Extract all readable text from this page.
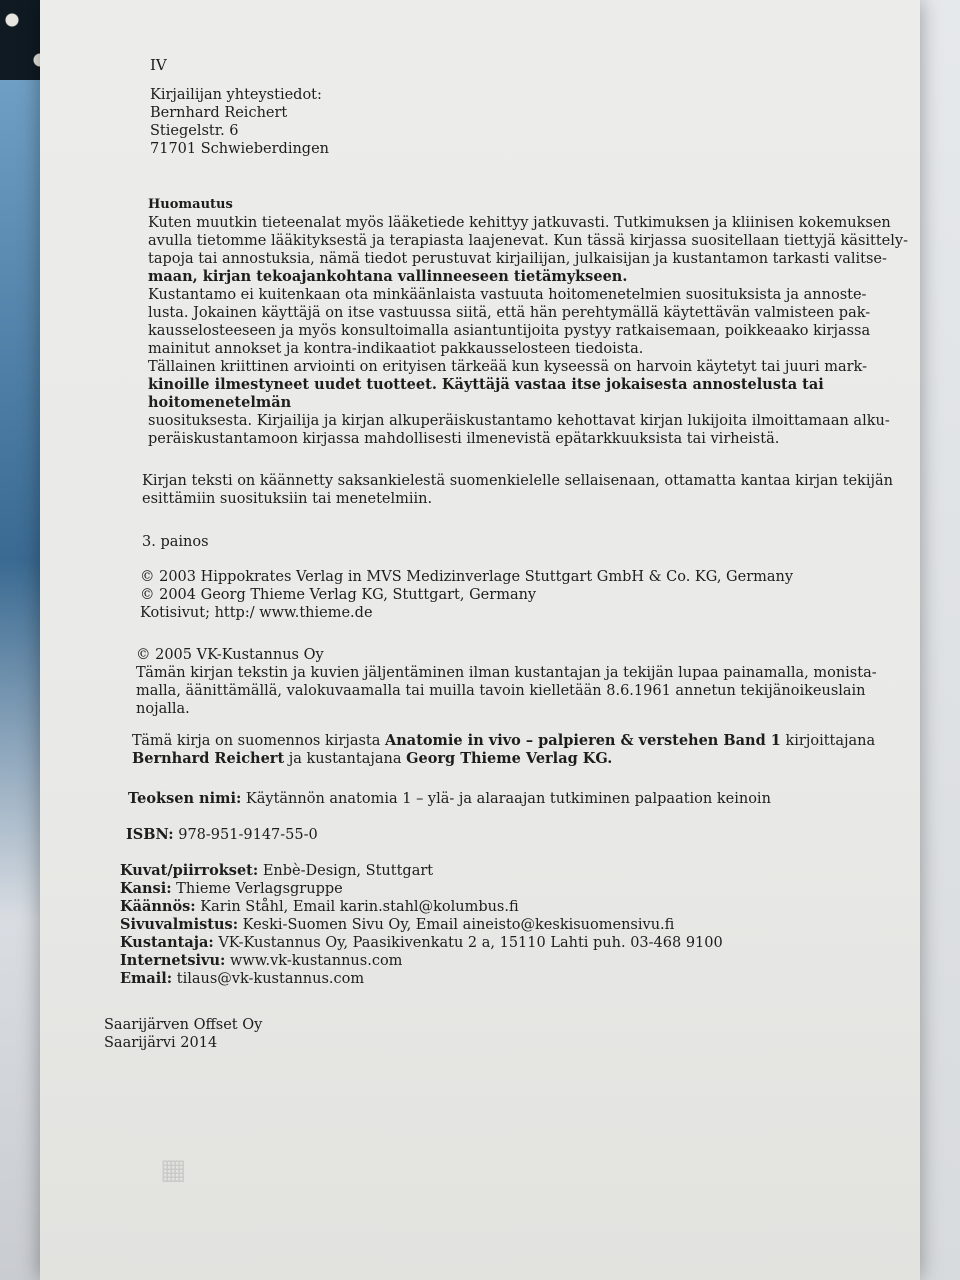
IV

Kirjailijan yhteystiedot:

Bernhard Reichert

Stiegelstr. 6

71701 Schwieberdingen

Huomautus

Kuten muutkin tieteenalat myös lääketiede kehittyy jatkuvasti. Tutkimuksen ja kliinisen kokemuksen

avulla tietomme lääkityksestä ja terapiasta laajenevat. Kun tässä kirjassa suositellaan tiettyjä käsittely-

tapoja tai annostuksia, nämä tiedot perustuvat kirjailijan, julkaisijan ja kustantamon tarkasti valitse-

maan, kirjan tekoajankohtana vallinneeseen tietämykseen.

Kustantamo ei kuitenkaan ota minkäänlaista vastuuta hoitomenetelmien suosituksista ja annoste-

lusta. Jokainen käyttäjä on itse vastuussa siitä, että hän perehtymällä käytettävän valmisteen pak-

kausselosteeseen ja myös konsultoimalla asiantuntijoita pystyy ratkaisemaan, poikkeaako kirjassa

mainitut annokset ja kontra-indikaatiot pakkausselosteen tiedoista.

Tällainen kriittinen arviointi on erityisen tärkeää kun kyseessä on harvoin käytetyt tai juuri mark-

kinoille ilmestyneet uudet tuotteet. Käyttäjä vastaa itse jokaisesta annostelusta tai hoitomenetelmän

suosituksesta. Kirjailija ja kirjan alkuperäiskustantamo kehottavat kirjan lukijoita ilmoittamaan alku-

peräiskustantamoon kirjassa mahdollisesti ilmenevistä epätarkkuuksista tai virheistä.

Kirjan teksti on käännetty saksankielestä suomenkielelle sellaisenaan, ottamatta kantaa kirjan tekijän

esittämiin suosituksiin tai menetelmiin.

3. painos

© 2003 Hippokrates Verlag in MVS Medizinverlage Stuttgart GmbH & Co. KG, Germany

© 2004 Georg Thieme Verlag KG, Stuttgart, Germany

Kotisivut; http:/ www.thieme.de

© 2005 VK-Kustannus Oy

Tämän kirjan tekstin ja kuvien jäljentäminen ilman kustantajan ja tekijän lupaa painamalla, monista-

malla, äänittämällä, valokuvaamalla tai muilla tavoin kielletään 8.6.1961 annetun tekijänoikeuslain

nojalla.

Tämä kirja on suomennos kirjasta Anatomie in vivo – palpieren & verstehen Band 1 kirjoittajana

Bernhard Reichert ja kustantajana Georg Thieme Verlag KG.

Teoksen nimi: Käytännön anatomia 1 – ylä- ja alaraajan tutkiminen palpaation keinoin

ISBN: 978-951-9147-55-0

Kuvat/piirrokset: Enbè-Design, Stuttgart

Kansi: Thieme Verlagsgruppe

Käännös: Karin Ståhl, Email karin.stahl@kolumbus.fi

Sivuvalmistus: Keski-Suomen Sivu Oy, Email aineisto@keskisuomensivu.fi

Kustantaja: VK-Kustannus Oy, Paasikivenkatu 2 a, 15110 Lahti puh. 03-468 9100

Internetsivu: www.vk-kustannus.com

Email: tilaus@vk-kustannus.com

Saarijärven Offset Oy

Saarijärvi 2014

▦
